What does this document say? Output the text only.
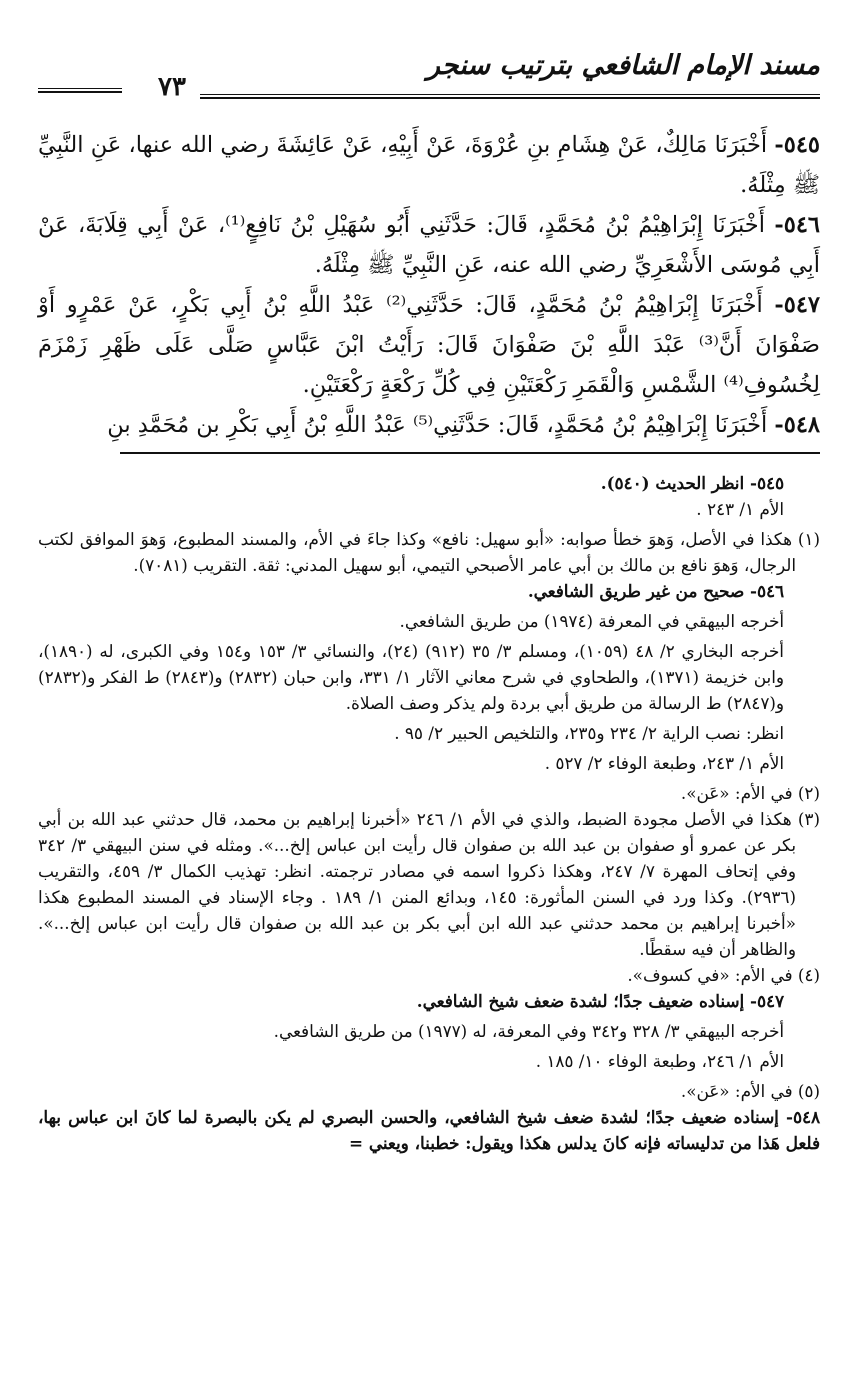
مسند الإمام الشافعي بترتيب سنجر
٧٣

٥٤٥- أَخْبَرَنَا مَالِكٌ، عَنْ هِشَامِ بنِ عُرْوَةَ، عَنْ أَبِيْهِ، عَنْ عَائِشَةَ رضي الله عنها، عَنِ النَّبِيِّ ﷺ مِثْلَهُ.

٥٤٦- أَخْبَرَنَا إِبْرَاهِيْمُ بْنُ مُحَمَّدٍ، قَالَ: حَدَّثَنِي أَبُو سُهَيْلِ بْنُ نَافِعٍ⁽¹⁾، عَنْ أَبِي قِلَابَةَ، عَنْ أَبِي مُوسَى الأَشْعَرِيِّ رضي الله عنه، عَنِ النَّبِيِّ ﷺ مِثْلَهُ.

٥٤٧- أَخْبَرَنَا إِبْرَاهِيْمُ بْنُ مُحَمَّدٍ، قَالَ: حَدَّثَنِي⁽²⁾ عَبْدُ اللَّهِ بْنُ أَبِي بَكْرٍ، عَنْ عَمْرٍو أَوْ صَفْوَانَ أَنَّ⁽³⁾ عَبْدَ اللَّهِ بْنَ صَفْوَانَ قَالَ: رَأَيْتُ ابْنَ عَبَّاسٍ صَلَّى عَلَى ظَهْرِ زَمْزَمَ لِخُسُوفِ⁽⁴⁾ الشَّمْسِ وَالْقَمَرِ رَكْعَتَيْنِ فِي كُلِّ رَكْعَةٍ رَكْعَتَيْنِ.

٥٤٨- أَخْبَرَنَا إِبْرَاهِيْمُ بْنُ مُحَمَّدٍ، قَالَ: حَدَّثَنِي⁽⁵⁾ عَبْدُ اللَّهِ بْنُ أَبِي بَكْرِ بن مُحَمَّدِ بنِ

٥٤٥- انظر الحديث (٥٤٠).

الأم ١/ ٢٤٣ .

(١) هكذا في الأصل، وَهوَ خطأ صوابه: «أبو سهيل: نافع» وكذا جاءَ في الأم، والمسند المطبوع، وَهوَ الموافق لكتب الرجال، وَهوَ نافع بن مالك بن أبي عامر الأصبحي التيمي، أبو سهيل المدني: ثقة. التقريب (٧٠٨١).

٥٤٦- صحيح من غير طريق الشافعي.

أخرجه البيهقي في المعرفة (١٩٧٤) من طريق الشافعي.

أخرجه البخاري ٢/ ٤٨ (١٠٥٩)، ومسلم ٣/ ٣٥ (٩١٢) (٢٤)، والنسائي ٣/ ١٥٣ و١٥٤ وفي الكبرى، له (١٨٩٠)، وابن خزيمة (١٣٧١)، والطحاوي في شرح معاني الآثار ١/ ٣٣١، وابن حبان (٢٨٣٢) و(٢٨٤٣) ط الفكر و(٢٨٣٢) و(٢٨٤٧) ط الرسالة من طريق أبي بردة ولم يذكر وصف الصلاة.

انظر: نصب الراية ٢/ ٢٣٤ و٢٣٥، والتلخيص الحبير ٢/ ٩٥ .

الأم ١/ ٢٤٣، وطبعة الوفاء ٢/ ٥٢٧ .

(٢) في الأم: «عَن».

(٣) هكذا في الأصل مجودة الضبط، والذي في الأم ١/ ٢٤٦ «أخبرنا إبراهيم بن محمد، قال حدثني عبد الله بن أبي بكر عن عمرو أو صفوان بن عبد الله بن صفوان قال رأيت ابن عباس إلخ...». ومثله في سنن البيهقي ٣/ ٣٤٢ وفي إتحاف المهرة ٧/ ٢٤٧، وهكذا ذكروا اسمه في مصادر ترجمته. انظر: تهذيب الكمال ٣/ ٤٥٩، والتقريب (٢٩٣٦). وكذا ورد في السنن المأثورة: ١٤٥، وبدائع المنن ١/ ١٨٩ . وجاء الإسناد في المسند المطبوع هكذا «أخبرنا إبراهيم بن محمد حدثني عبد الله ابن أبي بكر بن عبد الله بن صفوان قال رأيت ابن عباس إلخ...». والظاهر أن فيه سقطًا.

(٤) في الأم: «في كسوف».

٥٤٧- إسناده ضعيف جدًا؛ لشدة ضعف شيخ الشافعي.

أخرجه البيهقي ٣/ ٣٢٨ و٣٤٢ وفي المعرفة، له (١٩٧٧) من طريق الشافعي.

الأم ١/ ٢٤٦، وطبعة الوفاء ١٠/ ١٨٥ .

(٥) في الأم: «عَن».

٥٤٨- إسناده ضعيف جدًا؛ لشدة ضعف شيخ الشافعي، والحسن البصري لم يكن بالبصرة لما كانَ ابن عباس بها، فلعل هَذا من تدليساته فإنه كانَ يدلس هكذا ويقول: خطبنا، ويعني =
